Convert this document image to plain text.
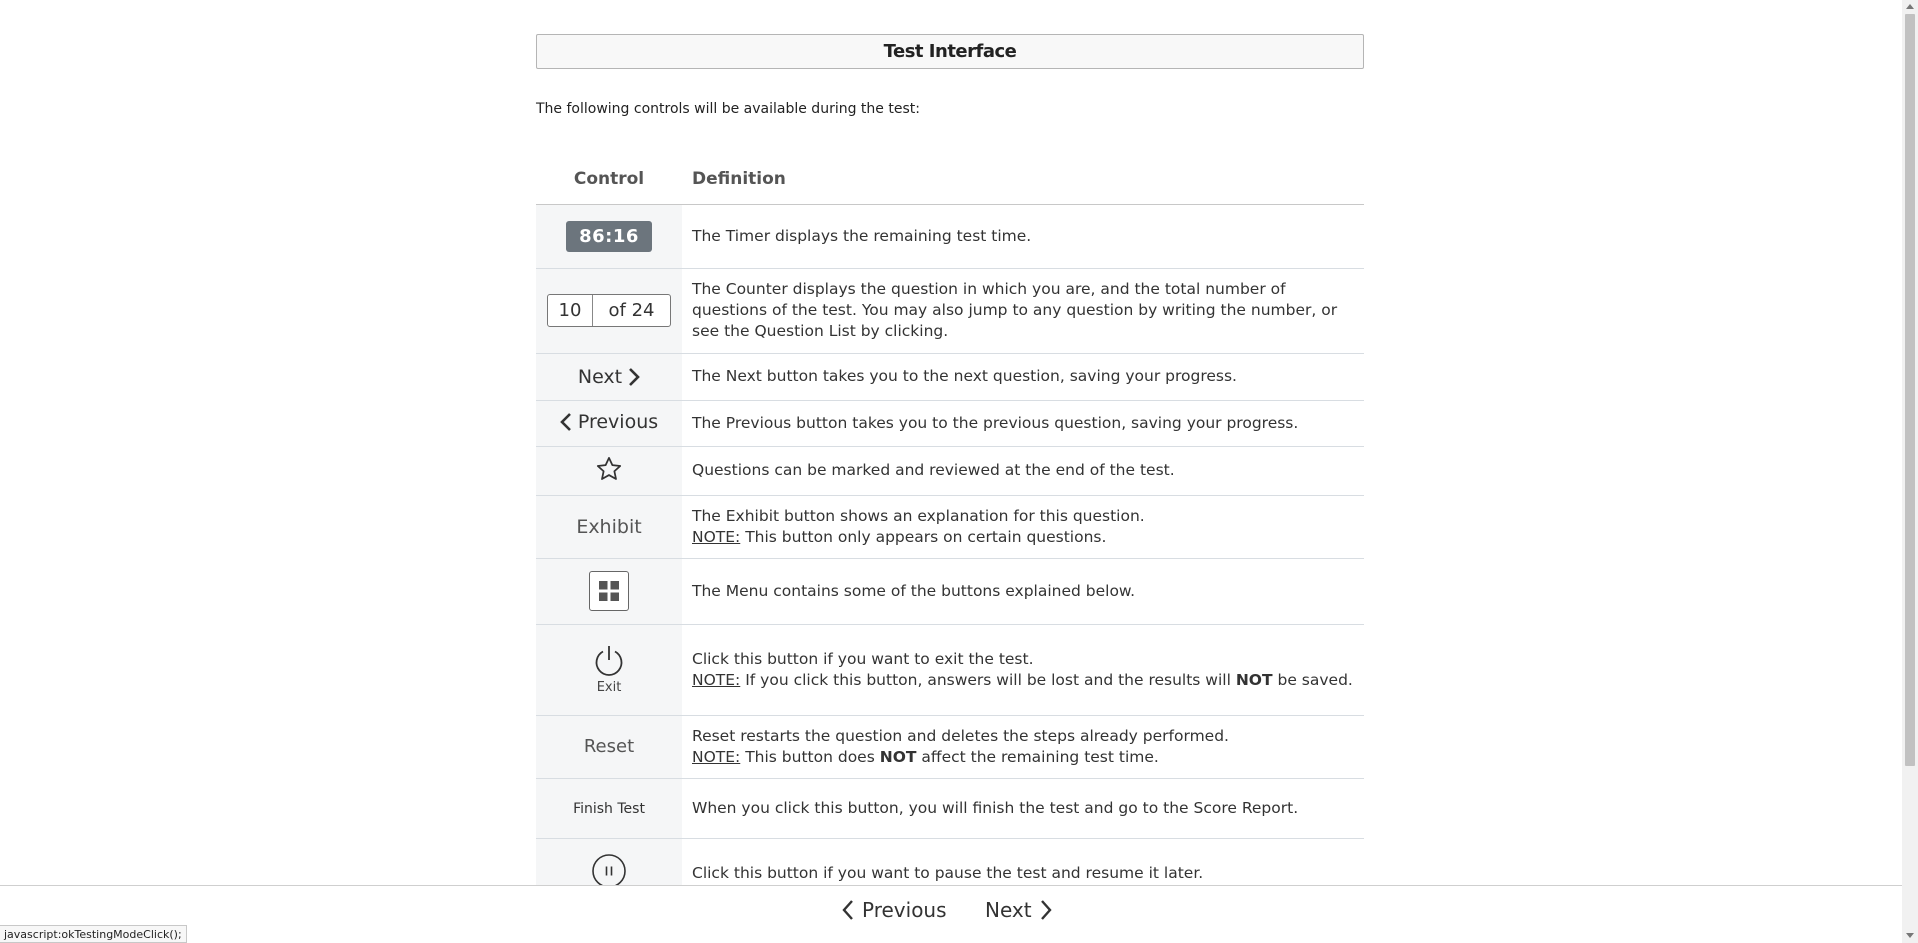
Test Interface

The following controls will be available during the test:

Control	Definition
86:16	The Timer displays the remaining test time.

10 of 24	The Counter displays the question in which you are, and the total number of questions of the test. You may also jump to any question by writing the number, or see the Question List by clicking.

Next	The Next button takes you to the next question, saving your progress.

Previous	The Previous button takes you to the previous question, saving your progress.
	Questions can be marked and reviewed at the end of the test.
Exhibit	The Exhibit button shows an explanation for this question.
NOTE: This button only appears on certain questions.

	The Menu contains some of the buttons explained below.

Exit	Click this button if you want to exit the test.
NOTE: If you click this button, answers will be lost and the results will NOT be saved.

Reset	Reset restarts the question and deletes the steps already performed.
NOTE: This button does NOT affect the remaining test time.

Finish Test	When you click this button, you will finish the test and go to the Score Report.
	Click this button if you want to pause the test and resume it later.
Previous Next
javascript:okTestingModeClick();
